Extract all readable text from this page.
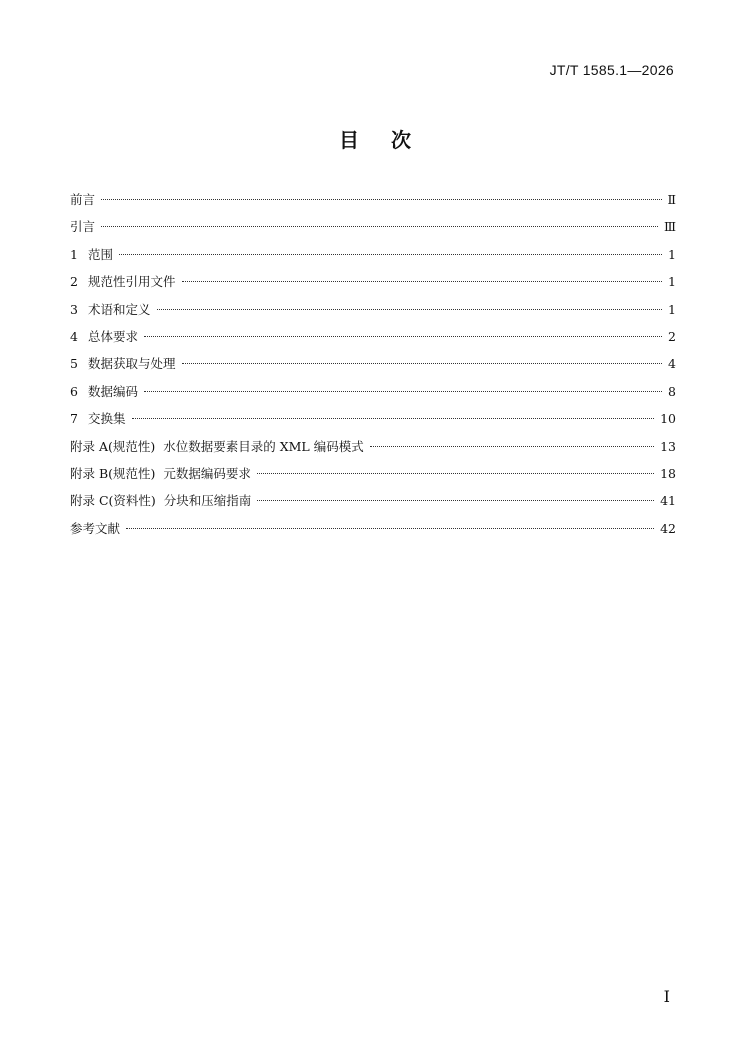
JT/T 1585.1—2026
目次
前言	Ⅱ
引言	Ⅲ
1 范围	1
2 规范性引用文件	1
3 术语和定义	1
4 总体要求	2
5 数据获取与处理	4
6 数据编码	8
7 交换集	10
附录 A(规范性) 水位数据要素目录的 XML 编码模式	13
附录 B(规范性) 元数据编码要求	18
附录 C(资料性) 分块和压缩指南	41
参考文献	42
Ⅰ
